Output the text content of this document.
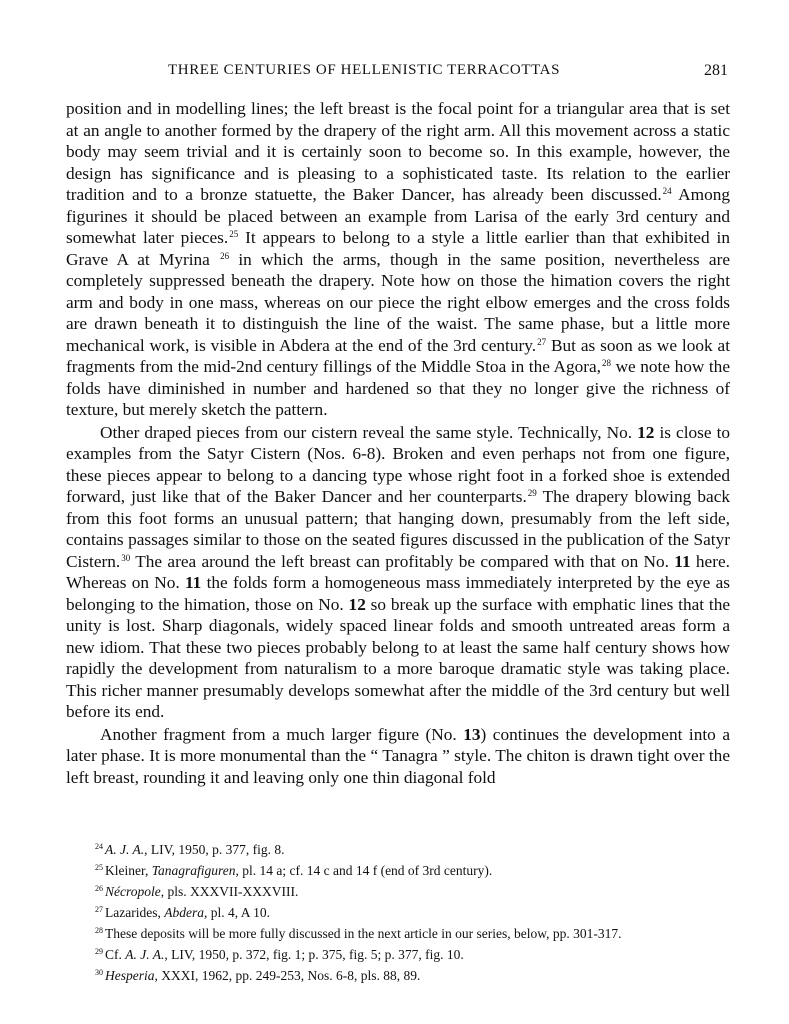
THREE CENTURIES OF HELLENISTIC TERRACOTTAS	281

position and in modelling lines; the left breast is the focal point for a triangular area that is set at an angle to another formed by the drapery of the right arm. All this movement across a static body may seem trivial and it is certainly soon to become so. In this example, however, the design has significance and is pleasing to a sophisticated taste. Its relation to the earlier tradition and to a bronze statuette, the Baker Dancer, has already been discussed.$^{24}$ Among figurines it should be placed between an example from Larisa of the early 3rd century and somewhat later pieces.$^{25}$ It appears to belong to a style a little earlier than that exhibited in Grave A at Myrina $^{26}$ in which the arms, though in the same position, nevertheless are completely suppressed beneath the drapery. Note how on those the himation covers the right arm and body in one mass, whereas on our piece the right elbow emerges and the cross folds are drawn beneath it to distinguish the line of the waist. The same phase, but a little more mechanical work, is visible in Abdera at the end of the 3rd century.$^{27}$ But as soon as we look at fragments from the mid-2nd century fillings of the Middle Stoa in the Agora,$^{28}$ we note how the folds have diminished in number and hardened so that they no longer give the richness of texture, but merely sketch the pattern.

Other draped pieces from our cistern reveal the same style. Technically, No. 12 is close to examples from the Satyr Cistern (Nos. 6-8). Broken and even perhaps not from one figure, these pieces appear to belong to a dancing type whose right foot in a forked shoe is extended forward, just like that of the Baker Dancer and her counterparts.$^{29}$ The drapery blowing back from this foot forms an unusual pattern; that hanging down, presumably from the left side, contains passages similar to those on the seated figures discussed in the publication of the Satyr Cistern.$^{30}$ The area around the left breast can profitably be compared with that on No. 11 here. Whereas on No. 11 the folds form a homogeneous mass immediately interpreted by the eye as belonging to the himation, those on No. 12 so break up the surface with emphatic lines that the unity is lost. Sharp diagonals, widely spaced linear folds and smooth untreated areas form a new idiom. That these two pieces probably belong to at least the same half century shows how rapidly the development from naturalism to a more baroque dramatic style was taking place. This richer manner presumably develops somewhat after the middle of the 3rd century but well before its end.

Another fragment from a much larger figure (No. 13) continues the development into a later phase. It is more monumental than the “ Tanagra ” style. The chiton is drawn tight over the left breast, rounding it and leaving only one thin diagonal fold

$^{24}$ A. J. A., LIV, 1950, p. 377, fig. 8.
$^{25}$ Kleiner, Tanagrafiguren, pl. 14 a; cf. 14 c and 14 f (end of 3rd century).
$^{26}$ Nécropole, pls. XXXVII-XXXVIII.
$^{27}$ Lazarides, Abdera, pl. 4, A 10.
$^{28}$ These deposits will be more fully discussed in the next article in our series, below, pp. 301-317.
$^{29}$ Cf. A. J. A., LIV, 1950, p. 372, fig. 1; p. 375, fig. 5; p. 377, fig. 10.
$^{30}$ Hesperia, XXXI, 1962, pp. 249-253, Nos. 6-8, pls. 88, 89.
